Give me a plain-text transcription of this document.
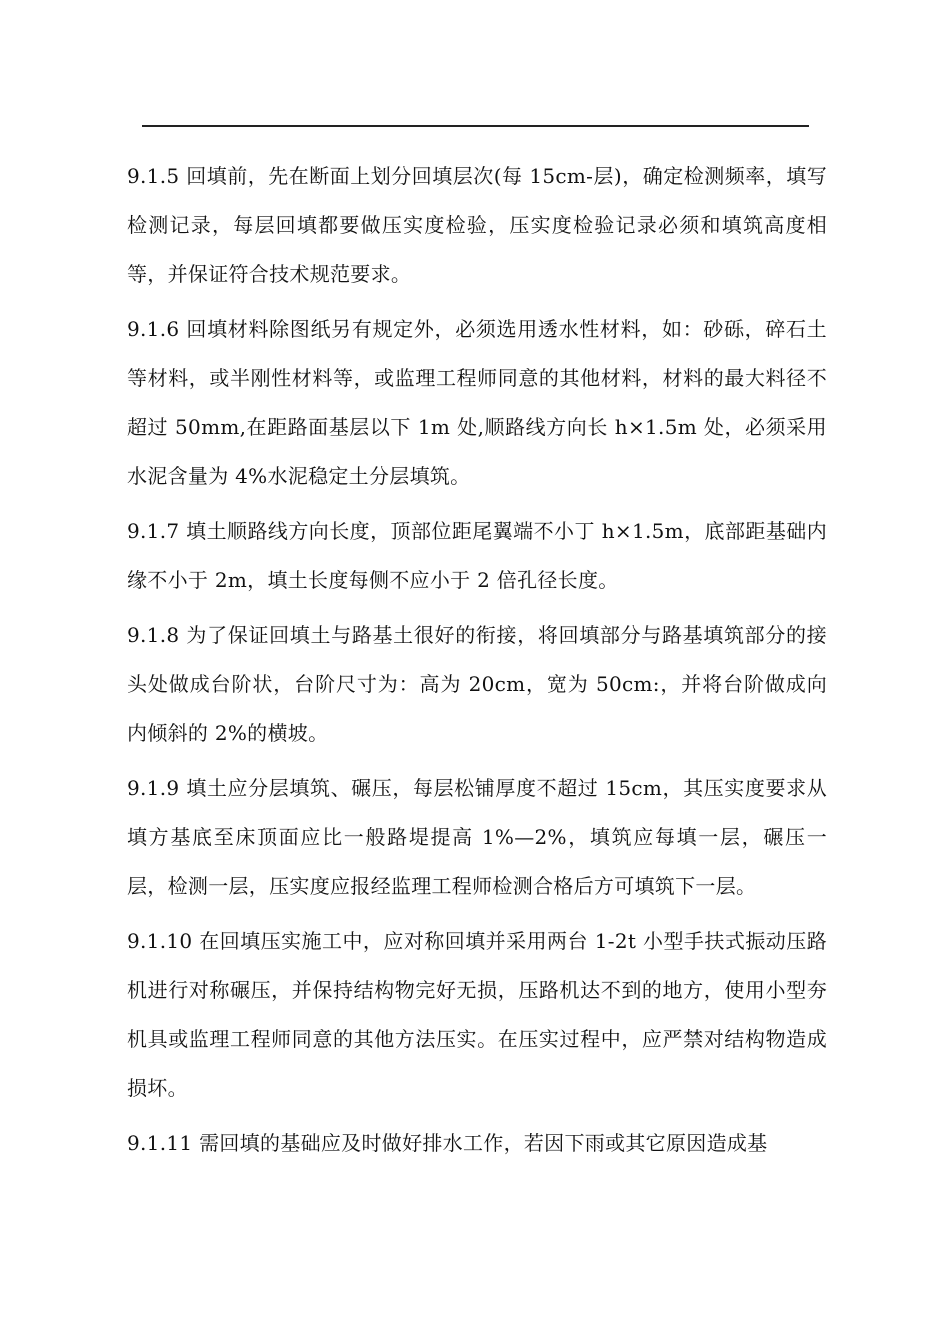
9.1.5 回填前，先在断面上划分回填层次(每 15cm-层)，确定检测频率，填写检测记录，每层回填都要做压实度检验，压实度检验记录必须和填筑高度相等，并保证符合技术规范要求。

9.1.6 回填材料除图纸另有规定外，必须选用透水性材料，如：砂砾，碎石土等材料，或半刚性材料等，或监理工程师同意的其他材料，材料的最大料径不超过 50mm,在距路面基层以下 1m 处,顺路线方向长 h×1.5m 处，必须采用水泥含量为 4%水泥稳定土分层填筑。

9.1.7 填土顺路线方向长度，顶部位距尾翼端不小丁 h×1.5m，底部距基础内缘不小于 2m，填土长度每侧不应小于 2 倍孔径长度。

9.1.8 为了保证回填土与路基土很好的衔接，将回填部分与路基填筑部分的接头处做成台阶状，台阶尺寸为：高为 20cm，宽为 50cm:，并将台阶做成向内倾斜的 2%的横坡。

9.1.9 填土应分层填筑、碾压，每层松铺厚度不超过 15cm，其压实度要求从填方基底至床顶面应比一般路堤提高 1%—2%，填筑应每填一层，碾压一层，检测一层，压实度应报经监理工程师检测合格后方可填筑下一层。

9.1.10 在回填压实施工中，应对称回填并采用两台 1-2t 小型手扶式振动压路机进行对称碾压，并保持结构物完好无损，压路机达不到的地方，使用小型夯机具或监理工程师同意的其他方法压实。在压实过程中，应严禁对结构物造成损坏。

9.1.11 需回填的基础应及时做好排水工作，若因下雨或其它原因造成基
